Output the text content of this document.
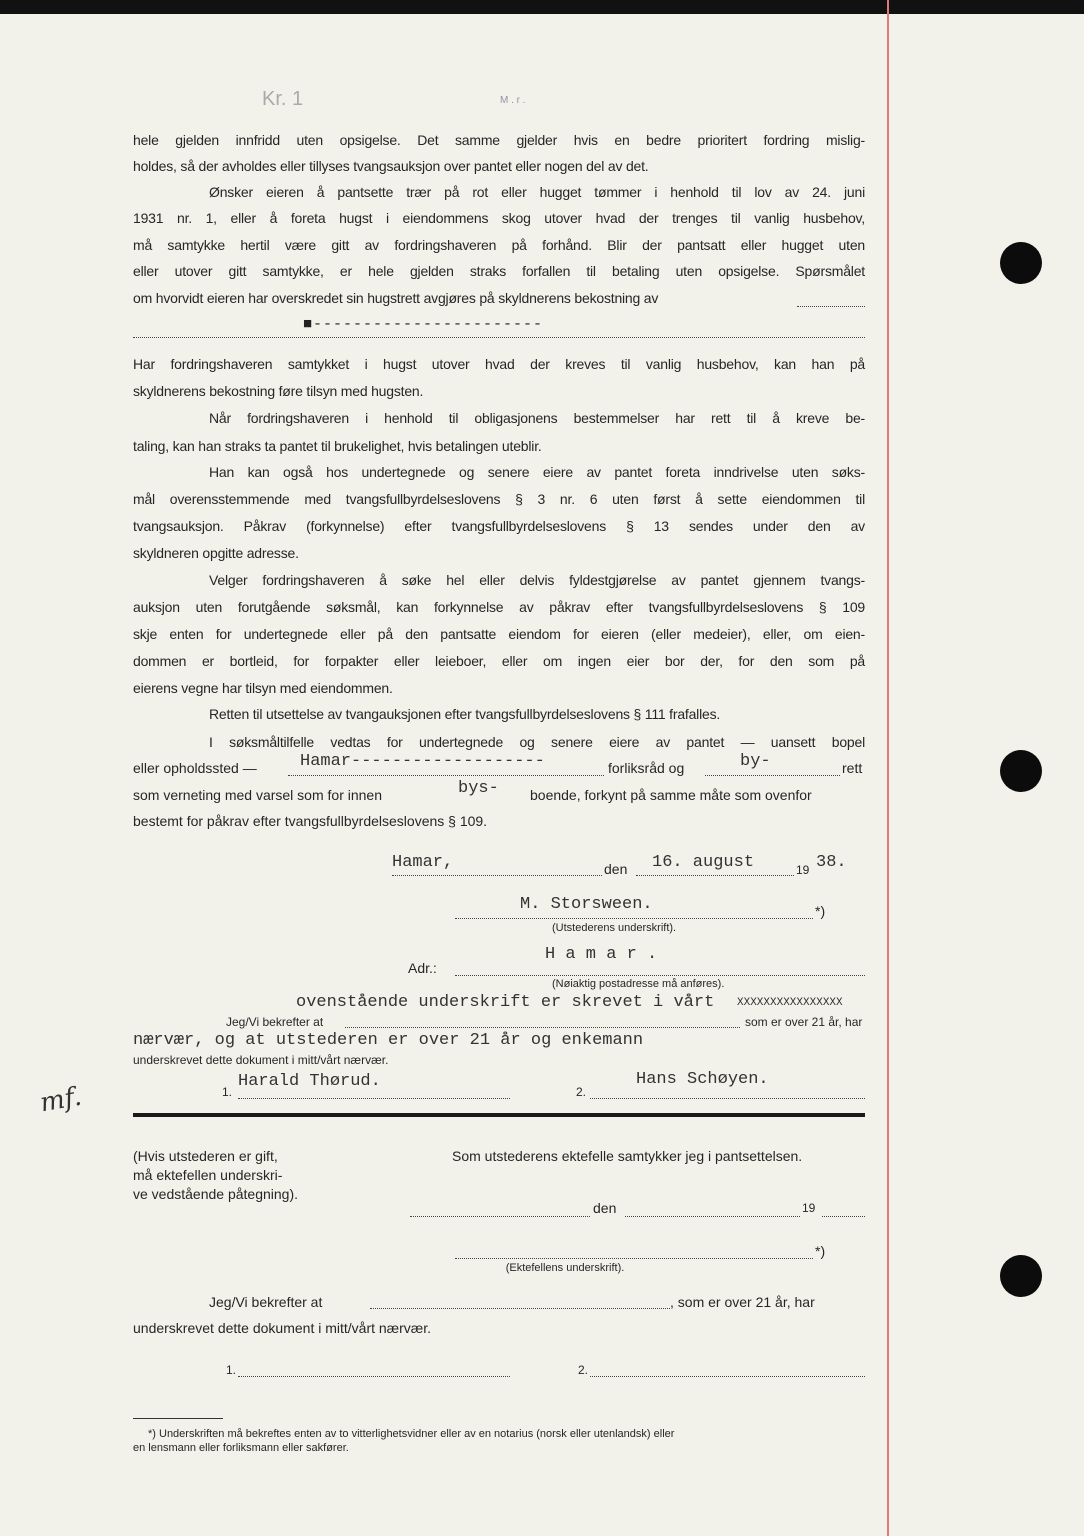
Kr. 1	M . r .
hele gjelden innfridd uten opsigelse. Det samme gjelder hvis en bedre prioritert fordring mislig-
holdes, så der avholdes eller tillyses tvangsauksjon over pantet eller nogen del av det.
Ønsker eieren å pantsette trær på rot eller hugget tømmer i henhold til lov av 24. juni
1931 nr. 1, eller å foreta hugst i eiendommens skog utover hvad der trenges til vanlig husbehov,
må samtykke hertil være gitt av fordringshaveren på forhånd. Blir der pantsatt eller hugget uten
eller utover gitt samtykke, er hele gjelden straks forfallen til betaling uten opsigelse. Spørsmålet
om hvorvidt eieren har overskredet sin hugstrett avgjøres på skyldnerens bekostning av
■-----------------------
Har fordringshaveren samtykket i hugst utover hvad der kreves til vanlig husbehov, kan han på
skyldnerens bekostning føre tilsyn med hugsten.
Når fordringshaveren i henhold til obligasjonens bestemmelser har rett til å kreve be-
taling, kan han straks ta pantet til brukelighet, hvis betalingen uteblir.
Han kan også hos undertegnede og senere eiere av pantet foreta inndrivelse uten søks-
mål overensstemmende med tvangsfullbyrdelseslovens § 3 nr. 6 uten først å sette eiendommen til
tvangsauksjon. Påkrav (forkynnelse) efter tvangsfullbyrdelseslovens § 13 sendes under den av
skyldneren opgitte adresse.
Velger fordringshaveren å søke hel eller delvis fyldestgjørelse av pantet gjennem tvangs-
auksjon uten forutgående søksmål, kan forkynnelse av påkrav efter tvangsfullbyrdelseslovens § 109
skje enten for undertegnede eller på den pantsatte eiendom for eieren (eller medeier), eller, om eien-
dommen er bortleid, for forpakter eller leieboer, eller om ingen eier bor der, for den som på
eierens vegne har tilsyn med eiendommen.
Retten til utsettelse av tvangauksjonen efter tvangsfullbyrdelseslovens § 111 frafalles.
I søksmåltilfelle vedtas for undertegnede og senere eiere av pantet — uansett bopel
eller opholdssted —	Hamar-------------------	forliksråd og	by-	rett
som verneting med varsel som for innen	bys- boende, forkynt på samme måte som ovenfor
bestemt for påkrav efter tvangsfullbyrdelseslovens § 109.
Hamar,	den 16. august	19 38.
M. Storsween.	*)
(Utstederens underskrift).
H a m a r .
Adr.:
(Nøiaktig postadresse må anføres).
ovenstående underskrift er skrevet i vårt XXXXXXXXXXXXXXXX
Jeg/Vi bekrefter at	som er over 21 år, har
nærvær, og at utstederen er over 21 år og enkemann
underskrevet dette dokument i mitt/vårt nærvær.
mf.	1.
Harald Thørud.
2.
Hans Schøyen.
(Hvis utstederen er gift,
må ektefellen underskri-
ve vedstående påtegning).
Som utstederens ektefelle samtykker jeg i pantsettelsen.
den	19
*)
(Ektefellens underskrift).
Jeg/Vi bekrefter at	, som er over 21 år, har
underskrevet dette dokument i mitt/vårt nærvær.
1.	2.
*) Underskriften må bekreftes enten av to vitterlighetsvidner eller av en notarius (norsk eller utenlandsk) eller
en lensmann eller forliksmann eller sakfører.
